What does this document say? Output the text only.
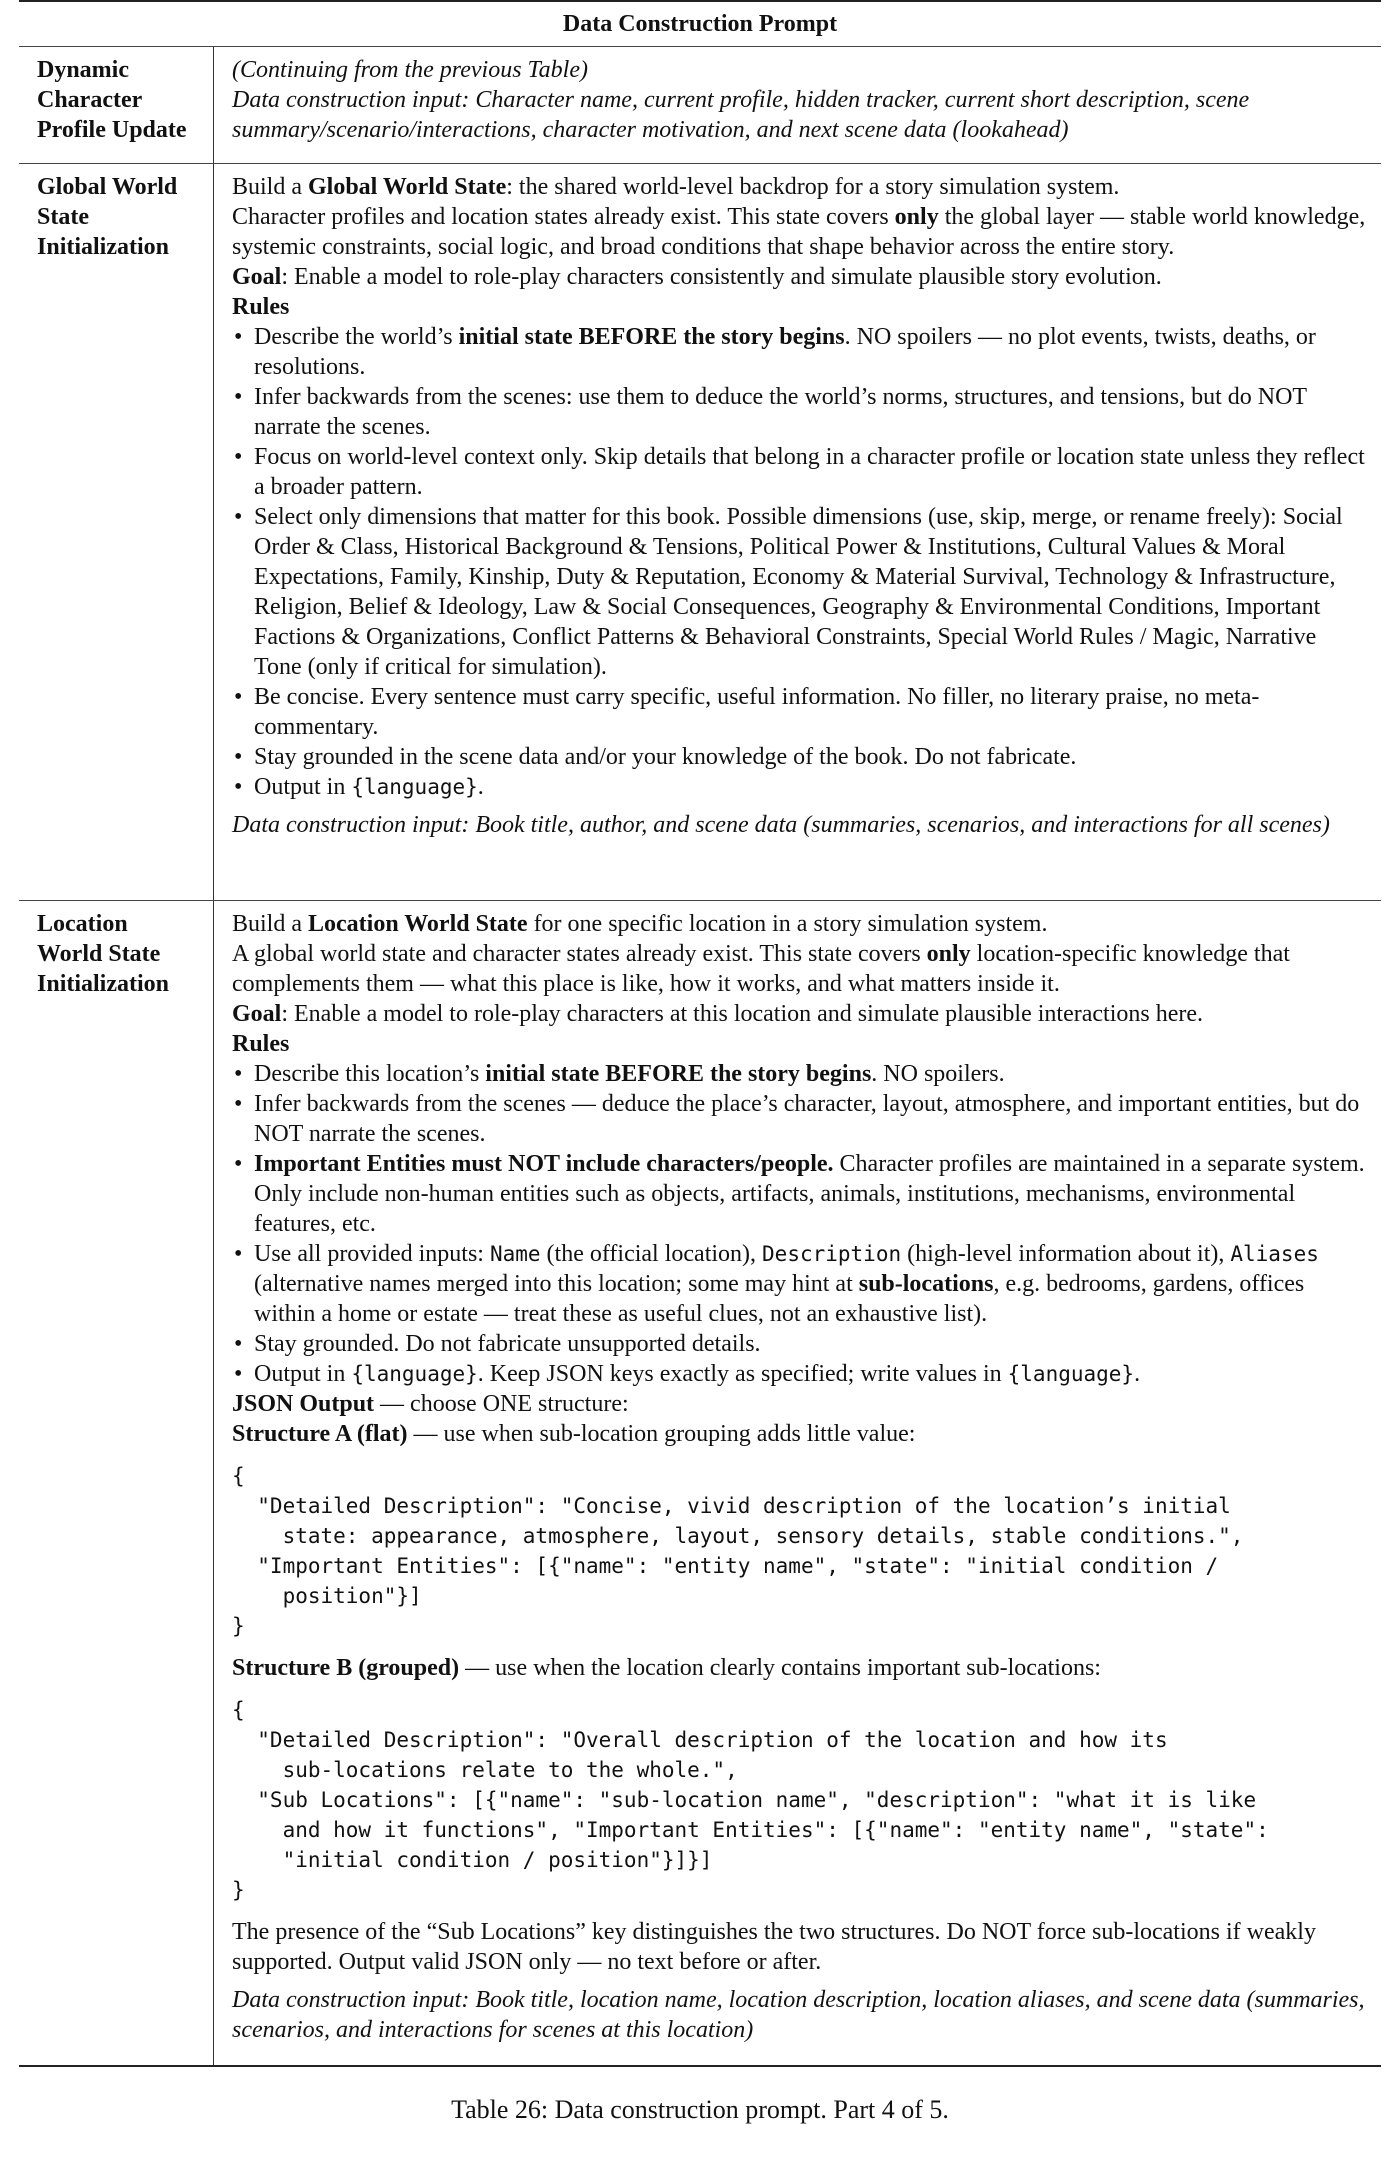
Data Construction Prompt
Dynamic
Character
Profile Update

(Continuing from the previous Table)

Data construction input: Character name, current profile, hidden tracker, current short description, scene summary/scenario/interactions, character motivation, and next scene data (lookahead)

Global World
State
Initialization

Build a Global World State: the shared world-level backdrop for a story simulation system.

Character profiles and location states already exist. This state covers only the global layer — stable world knowledge, systemic constraints, social logic, and broad conditions that shape behavior across the entire story.

Goal: Enable a model to role-play characters consistently and simulate plausible story evolution.

Rules

• Describe the world’s initial state BEFORE the story begins. NO spoilers — no plot events, twists, deaths, or resolutions.
• Infer backwards from the scenes: use them to deduce the world’s norms, structures, and tensions, but do NOT narrate the scenes.
• Focus on world-level context only. Skip details that belong in a character profile or location state unless they reflect a broader pattern.
• Select only dimensions that matter for this book. Possible dimensions (use, skip, merge, or rename freely): Social Order & Class, Historical Background & Tensions, Political Power & Institutions, Cultural Values & Moral Expectations, Family, Kinship, Duty & Reputation, Economy & Material Survival, Technology & Infrastructure, Religion, Belief & Ideology, Law & Social Consequences, Geography & Environmental Conditions, Important Factions & Organizations, Conflict Patterns & Behavioral Constraints, Special World Rules / Magic, Narrative Tone (only if critical for simulation).
• Be concise. Every sentence must carry specific, useful information. No filler, no literary praise, no meta-commentary.
• Stay grounded in the scene data and/or your knowledge of the book. Do not fabricate.
• Output in {language}.

Data construction input: Book title, author, and scene data (summaries, scenarios, and interactions for all scenes)

Location
World State
Initialization

Build a Location World State for one specific location in a story simulation system.

A global world state and character states already exist. This state covers only location-specific knowledge that complements them — what this place is like, how it works, and what matters inside it.

Goal: Enable a model to role-play characters at this location and simulate plausible interactions here.

Rules

• Describe this location’s initial state BEFORE the story begins. NO spoilers.
• Infer backwards from the scenes — deduce the place’s character, layout, atmosphere, and important entities, but do NOT narrate the scenes.
• Important Entities must NOT include characters/people. Character profiles are maintained in a separate system. Only include non-human entities such as objects, artifacts, animals, institutions, mechanisms, environmental features, etc.
• Use all provided inputs: Name (the official location), Description (high-level information about it), Aliases (alternative names merged into this location; some may hint at sub-locations, e.g. bedrooms, gardens, offices within a home or estate — treat these as useful clues, not an exhaustive list).
• Stay grounded. Do not fabricate unsupported details.
• Output in {language}. Keep JSON keys exactly as specified; write values in {language}.

JSON Output — choose ONE structure:

Structure A (flat) — use when sub-location grouping adds little value:

{
"Detailed Description": "Concise, vivid description of the location’s initial
state: appearance, atmosphere, layout, sensory details, stable conditions.",
"Important Entities": [{"name": "entity name", "state": "initial condition /
position"}]
}

Structure B (grouped) — use when the location clearly contains important sub-locations:

{
"Detailed Description": "Overall description of the location and how its
sub-locations relate to the whole.",
"Sub Locations": [{"name": "sub-location name", "description": "what it is like
and how it functions", "Important Entities": [{"name": "entity name", "state":
"initial condition / position"}]}]
}

The presence of the “Sub Locations” key distinguishes the two structures. Do NOT force sub-locations if weakly supported. Output valid JSON only — no text before or after.

Data construction input: Book title, location name, location description, location aliases, and scene data (summaries, scenarios, and interactions for scenes at this location)

Table 26: Data construction prompt. Part 4 of 5.
